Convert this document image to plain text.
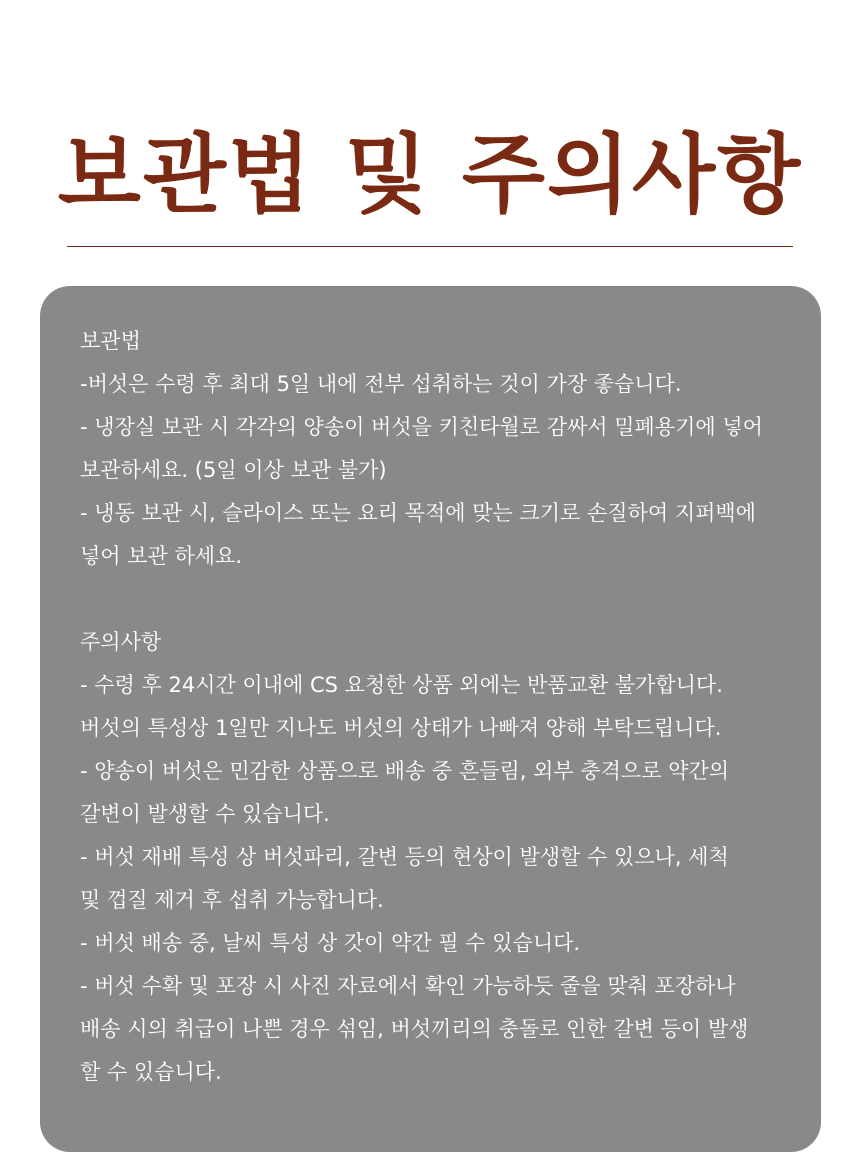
보관법 및 주의사항

보관법

-버섯은 수령 후 최대 5일 내에 전부 섭취하는 것이 가장 좋습니다.

- 냉장실 보관 시 각각의 양송이 버섯을 키친타월로 감싸서 밀폐용기에 넣어

보관하세요. (5일 이상 보관 불가)

- 냉동 보관 시, 슬라이스 또는 요리 목적에 맞는 크기로 손질하여 지퍼백에

넣어 보관 하세요.

주의사항

- 수령 후 24시간 이내에 CS 요청한 상품 외에는 반품교환 불가합니다.

버섯의 특성상 1일만 지나도 버섯의 상태가 나빠져 양해 부탁드립니다.

- 양송이 버섯은 민감한 상품으로 배송 중 흔들림, 외부 충격으로 약간의

갈변이 발생할 수 있습니다.

- 버섯 재배 특성 상 버섯파리, 갈변 등의 현상이 발생할 수 있으나, 세척

및 껍질 제거 후 섭취 가능합니다.

- 버섯 배송 중, 날씨 특성 상 갓이 약간 필 수 있습니다.

- 버섯 수확 및 포장 시 사진 자료에서 확인 가능하듯 줄을 맞춰 포장하나

배송 시의 취급이 나쁜 경우 섞임, 버섯끼리의 충돌로 인한 갈변 등이 발생

할 수 있습니다.
